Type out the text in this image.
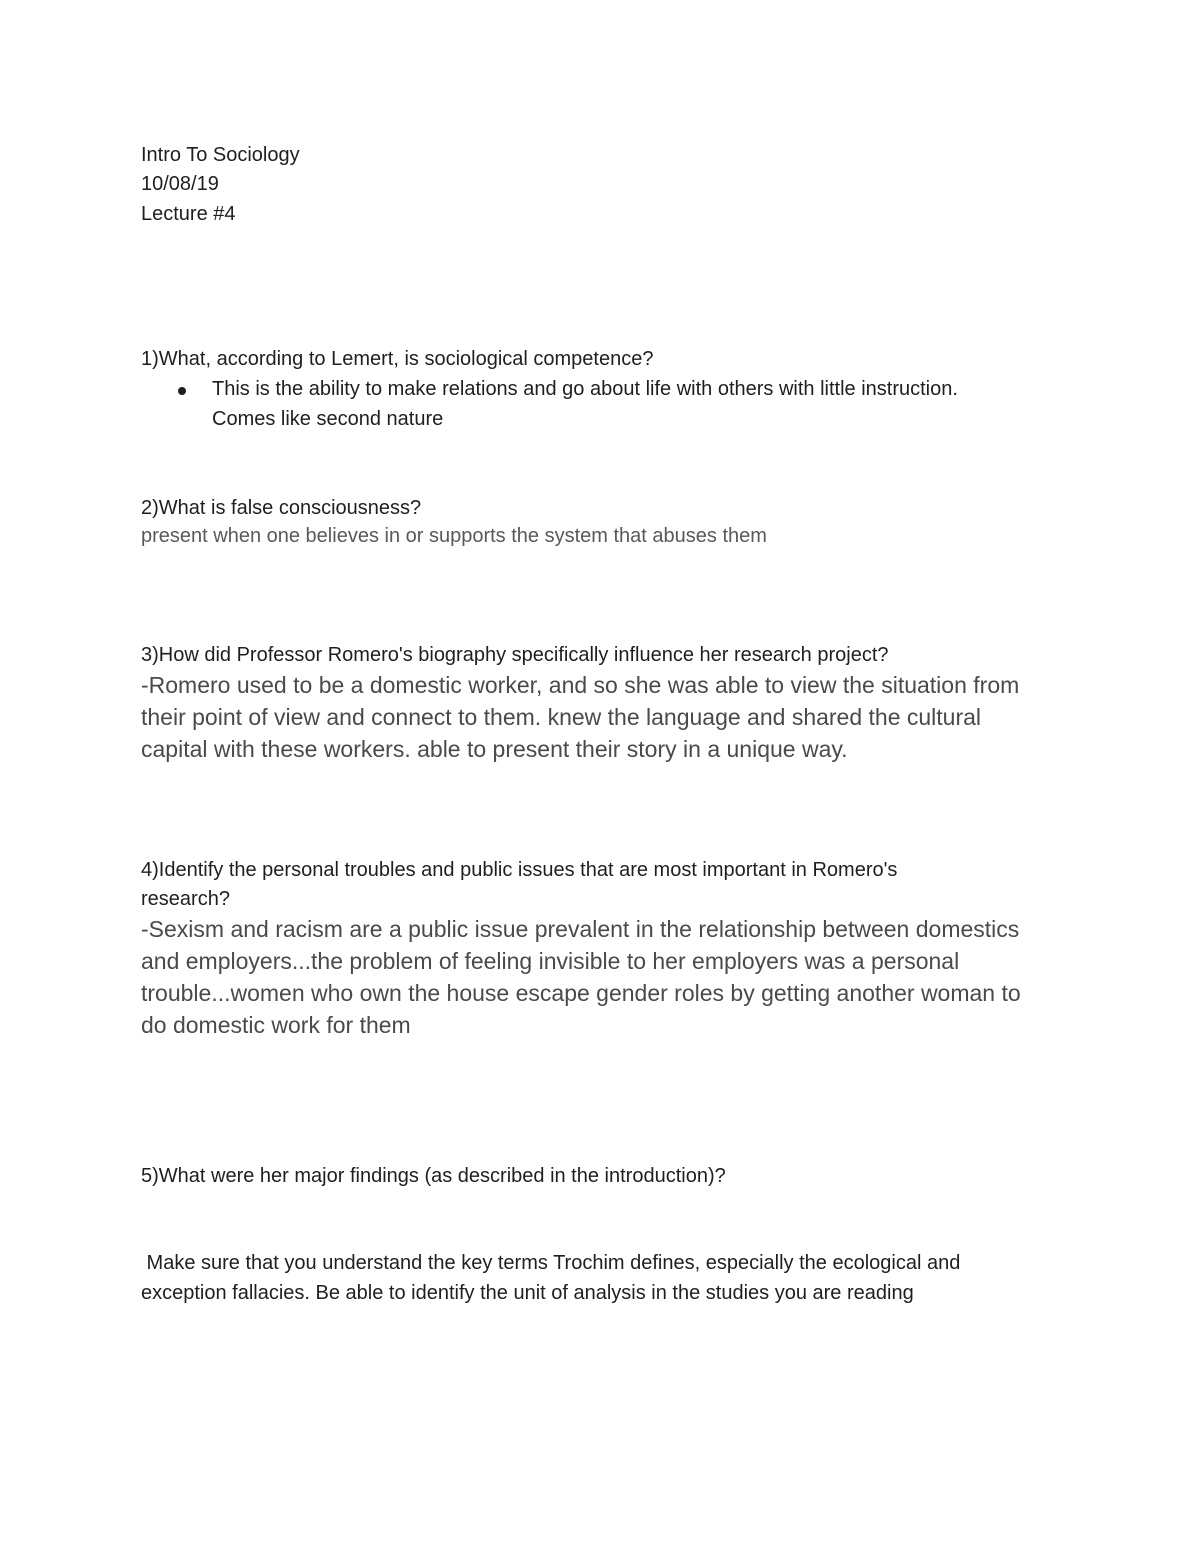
Intro To Sociology

10/08/19

Lecture #4

1)What, according to Lemert, is sociological competence?

This is the ability to make relations and go about life with others with little instruction.

Comes like second nature

2)What is false consciousness?

present when one believes in or supports the system that abuses them

3)How did Professor Romero's biography specifically influence her research project?

-Romero used to be a domestic worker, and so she was able to view the situation from

their point of view and connect to them. knew the language and shared the cultural

capital with these workers. able to present their story in a unique way.

4)Identify the personal troubles and public issues that are most important in Romero's

research?

-Sexism and racism are a public issue prevalent in the relationship between domestics

and employers...the problem of feeling invisible to her employers was a personal

trouble...women who own the house escape gender roles by getting another woman to

do domestic work for them

5)What were her major findings (as described in the introduction)?

Make sure that you understand the key terms Trochim defines, especially the ecological and

exception fallacies. Be able to identify the unit of analysis in the studies you are reading
